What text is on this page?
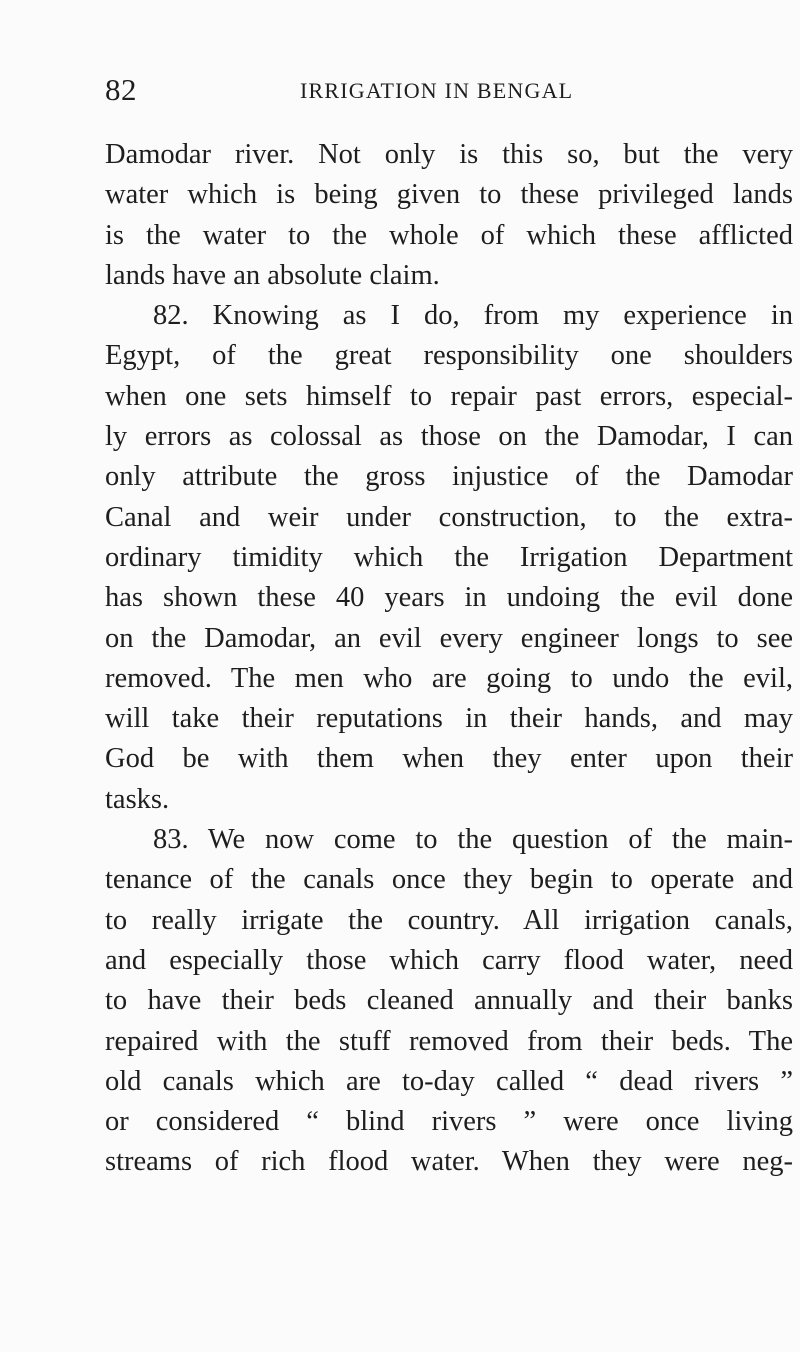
82	IRRIGATION IN BENGAL
Damodar river. Not only is this so, but the very
water which is being given to these privileged lands
is the water to the whole of which these afflicted
lands have an absolute claim.
82. Knowing as I do, from my experience in
Egypt, of the great responsibility one shoulders
when one sets himself to repair past errors, especial-
ly errors as colossal as those on the Damodar, I can
only attribute the gross injustice of the Damodar
Canal and weir under construction, to the extra-
ordinary timidity which the Irrigation Department
has shown these 40 years in undoing the evil done
on the Damodar, an evil every engineer longs to see
removed. The men who are going to undo the evil,
will take their reputations in their hands, and may
God be with them when they enter upon their
tasks.
83. We now come to the question of the main-
tenance of the canals once they begin to operate and
to really irrigate the country. All irrigation canals,
and especially those which carry flood water, need
to have their beds cleaned annually and their banks
repaired with the stuff removed from their beds. The
old canals which are to-day called “ dead rivers ”
or considered “ blind rivers ” were once living
streams of rich flood water. When they were neg-
